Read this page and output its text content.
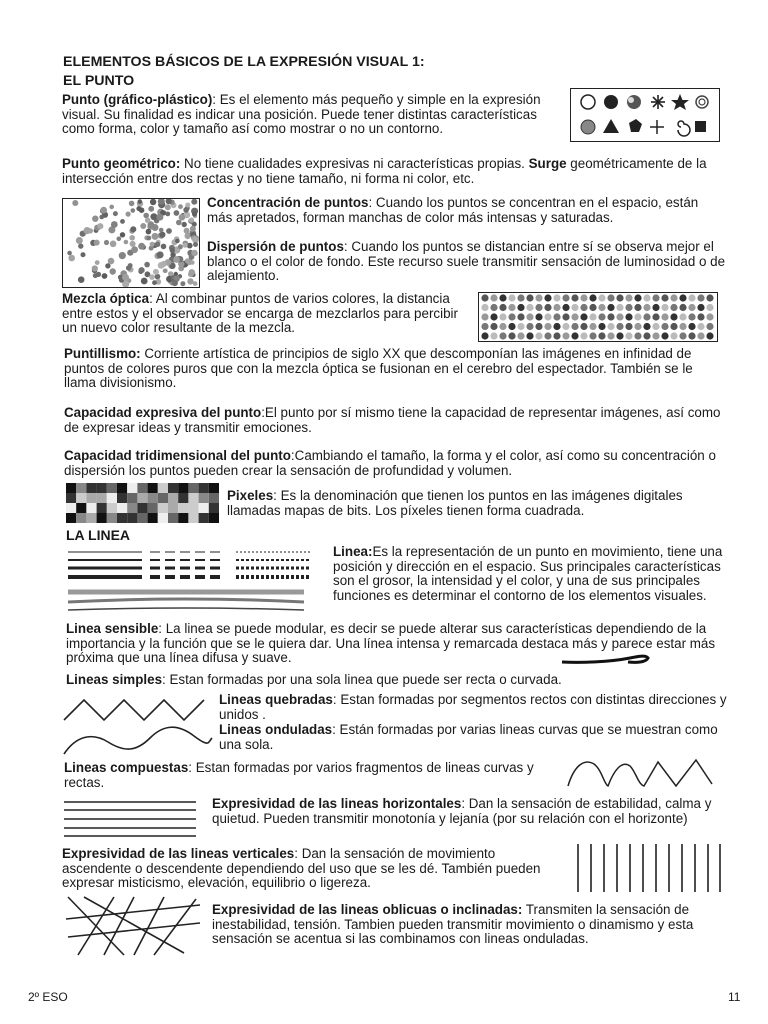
ELEMENTOS BÁSICOS DE LA EXPRESIÓN VISUAL 1:
EL PUNTO
Punto (gráfico-plástico): Es el elemento más pequeño y simple en la expresión visual. Su finalidad es indicar una posición. Puede tener distintas características como forma, color y tamaño así como mostrar o no un contorno.
Punto geométrico: No tiene cualidades expresivas ni características propias. Surge geométricamente de la intersección entre dos rectas y no tiene tamaño, ni forma ni color, etc.
Concentración de puntos: Cuando los puntos se concentran en el espacio, están más apretados, forman manchas de color más intensas y saturadas.
Dispersión de puntos: Cuando los puntos se distancian entre sí se observa mejor el blanco o el color de fondo. Este recurso suele transmitir sensación de luminosidad o de alejamiento.
Mezcla óptica: Al combinar puntos de varios colores, la distancia entre estos y el observador se encarga de mezclarlos para percibir un nuevo color resultante de la mezcla.
Puntillismo: Corriente artística de principios de siglo XX que descomponían las imágenes en infinidad de puntos de colores puros que con la mezcla óptica se fusionan en el cerebro del espectador. También se le llama divisionismo.
Capacidad expresiva del punto:El punto por sí mismo tiene la capacidad de representar imágenes, así como de expresar ideas y transmitir emociones.
Capacidad tridimensional del punto:Cambiando el tamaño, la forma y el color, así como su concentración o dispersión los puntos pueden crear la sensación de profundidad y volumen.
Pixeles: Es la denominación que tienen los puntos en las imágenes digitales llamadas mapas de bits. Los píxeles tienen forma cuadrada.
LA LINEA
Linea:Es la representación de un punto en movimiento, tiene una posición y dirección en el espacio. Sus principales características son el grosor, la intensidad y el color, y una de sus principales funciones es determinar el contorno de los elementos visuales.
Linea sensible: La linea se puede modular, es decir se puede alterar sus características dependiendo de la importancia y la función que se le quiera dar. Una línea intensa y remarcada destaca más y parece estar más próxima que una línea difusa y suave.
Lineas simples: Estan formadas por una sola linea que puede ser recta o curvada.
Lineas quebradas: Estan formadas por segmentos rectos con distintas direcciones y unidos .
Lineas onduladas: Están formadas por varias lineas curvas que se muestran como una sola.
Lineas compuestas: Estan formadas por varios fragmentos de lineas curvas y rectas.
Expresividad de las lineas horizontales: Dan la sensación de estabilidad, calma y quietud. Pueden transmitir monotonía y lejanía (por su relación con el horizonte)
Expresividad de las lineas verticales: Dan la sensación de movimiento ascendente o descendente dependiendo del uso que se les dé. También pueden expresar misticismo, elevación, equilibrio o ligereza.
Expresividad de las lineas oblicuas o inclinadas: Transmiten la sensación de inestabilidad, tensión. Tambien pueden transmitir movimiento o dinamismo y esta sensación se acentua si las combinamos con lineas onduladas.
2º ESO	11
